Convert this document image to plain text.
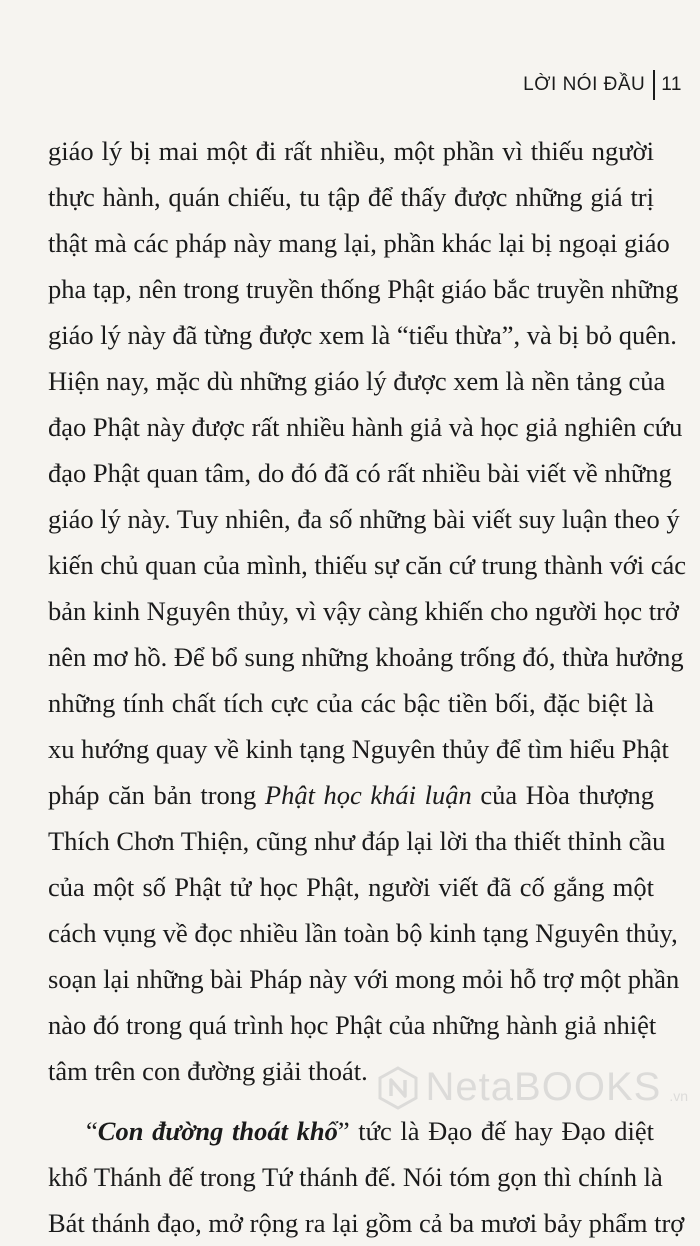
LỜI NÓI ĐẦU 11
giáo lý bị mai một đi rất nhiều, một phần vì thiếu người
thực hành, quán chiếu, tu tập để thấy được những giá trị
thật mà các pháp này mang lại, phần khác lại bị ngoại giáo
pha tạp, nên trong truyền thống Phật giáo bắc truyền những
giáo lý này đã từng được xem là “tiểu thừa”, và bị bỏ quên.
Hiện nay, mặc dù những giáo lý được xem là nền tảng của
đạo Phật này được rất nhiều hành giả và học giả nghiên cứu
đạo Phật quan tâm, do đó đã có rất nhiều bài viết về những
giáo lý này. Tuy nhiên, đa số những bài viết suy luận theo ý
kiến chủ quan của mình, thiếu sự căn cứ trung thành với các
bản kinh Nguyên thủy, vì vậy càng khiến cho người học trở
nên mơ hồ. Để bổ sung những khoảng trống đó, thừa hưởng
những tính chất tích cực của các bậc tiền bối, đặc biệt là
xu hướng quay về kinh tạng Nguyên thủy để tìm hiểu Phật
pháp căn bản trong Phật học khái luận của Hòa thượng
Thích Chơn Thiện, cũng như đáp lại lời tha thiết thỉnh cầu
của một số Phật tử học Phật, người viết đã cố gắng một
cách vụng về đọc nhiều lần toàn bộ kinh tạng Nguyên thủy,
soạn lại những bài Pháp này với mong mỏi hỗ trợ một phần
nào đó trong quá trình học Phật của những hành giả nhiệt
tâm trên con đường giải thoát.
“Con đường thoát khổ” tức là Đạo đế hay Đạo diệt
khổ Thánh đế trong Tứ thánh đế. Nói tóm gọn thì chính là
Bát thánh đạo, mở rộng ra lại gồm cả ba mươi bảy phẩm trợ
NetaBOOKS .vn
